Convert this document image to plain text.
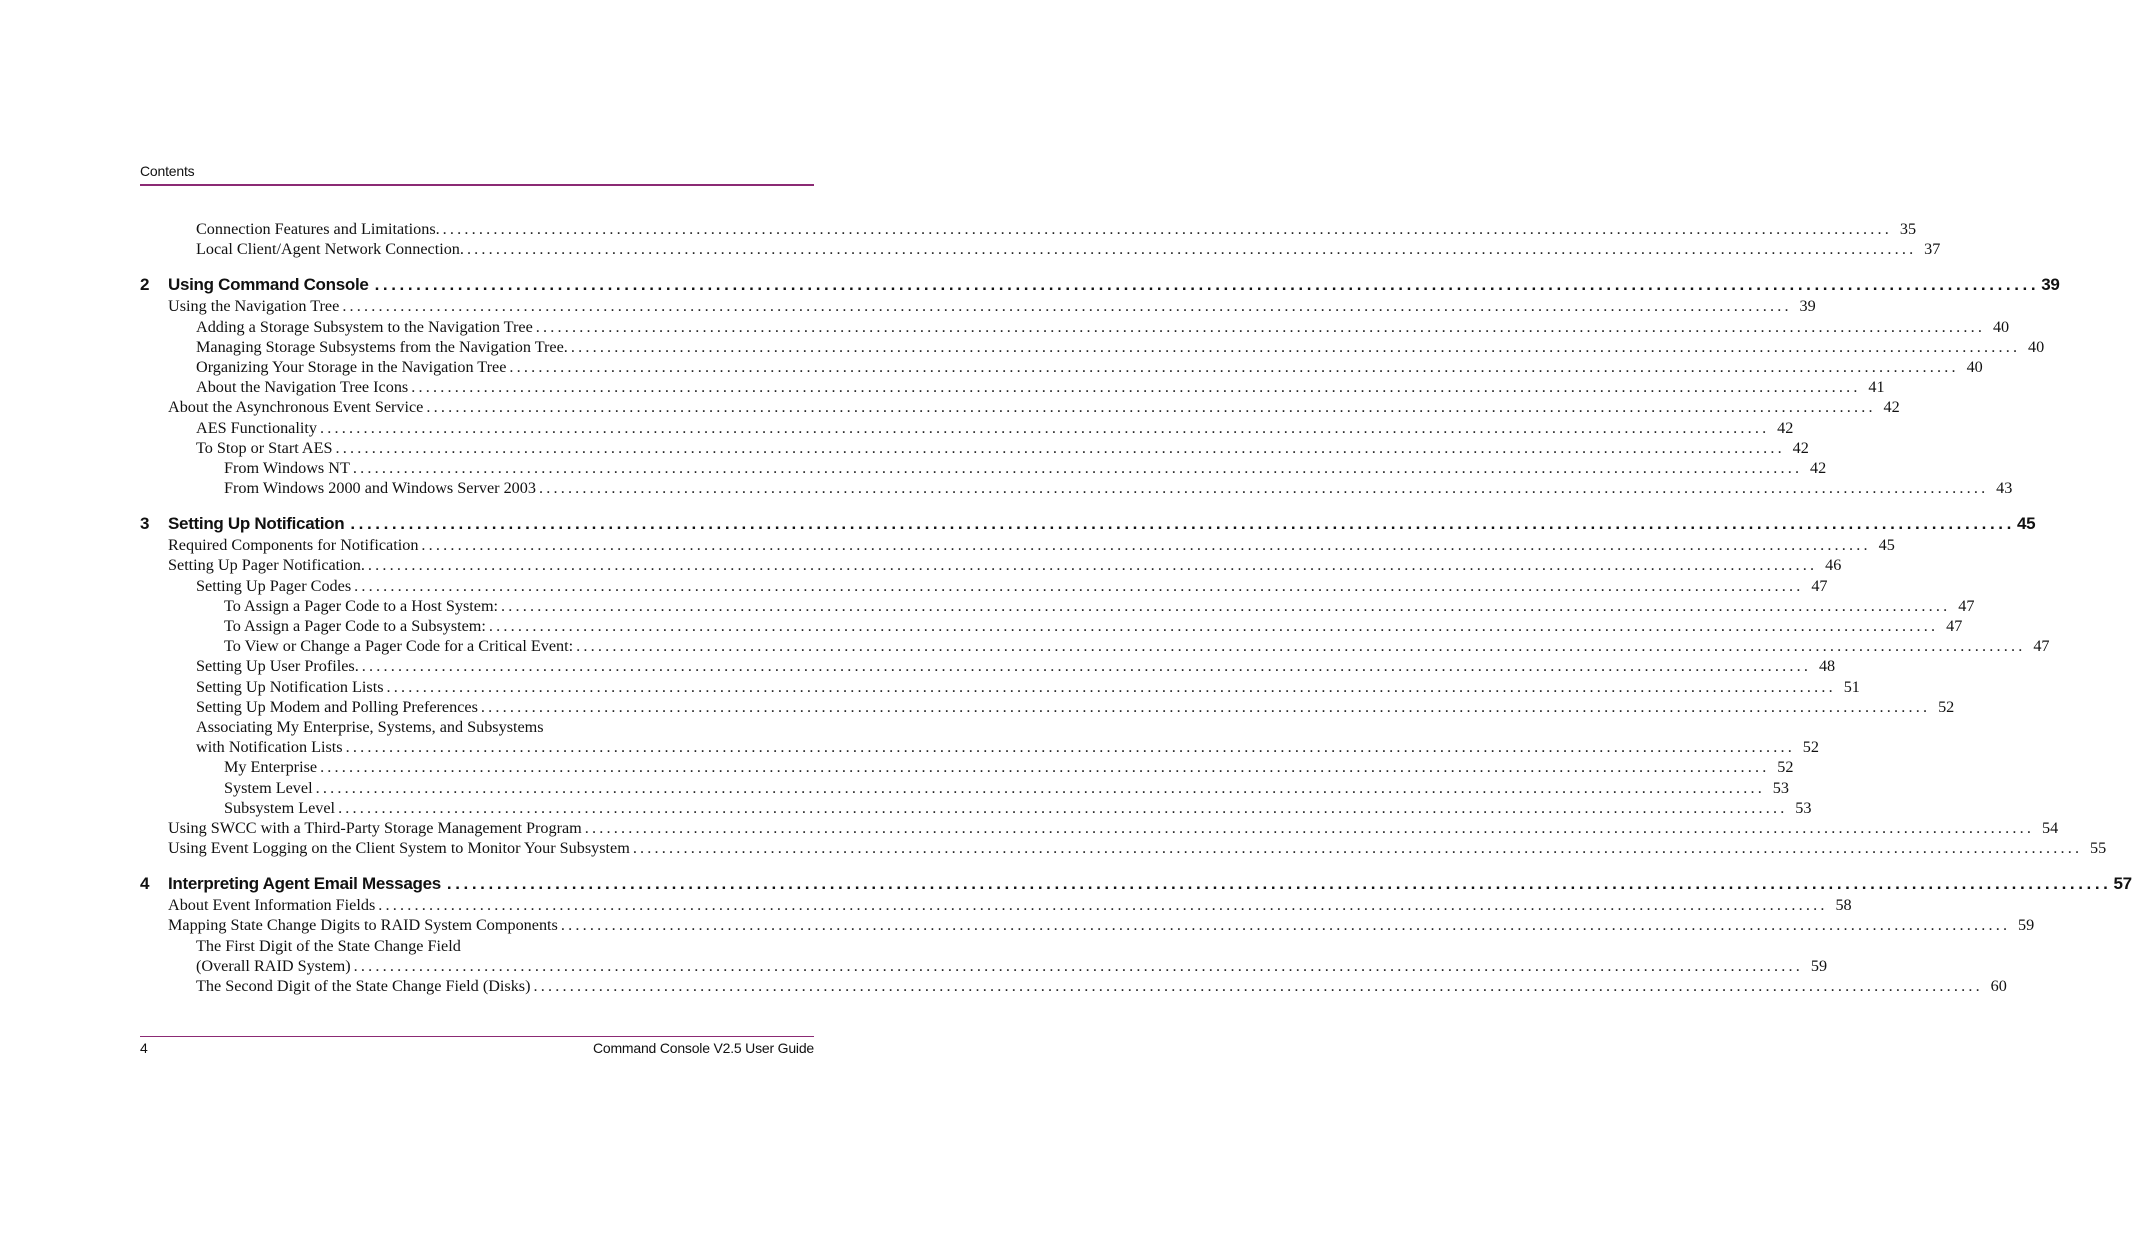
Contents
Connection Features and Limitations. ........................................................................................................................................................................................................ 35
Local Client/Agent Network Connection. ........................................................................................................................................................................................................ 37
2	Using Command Console ........................................................................................................................................................................................................ 39
Using the Navigation Tree ........................................................................................................................................................................................................ 39
Adding a Storage Subsystem to the Navigation Tree ........................................................................................................................................................................................................ 40
Managing Storage Subsystems from the Navigation Tree. ........................................................................................................................................................................................................ 40
Organizing Your Storage in the Navigation Tree ........................................................................................................................................................................................................ 40
About the Navigation Tree Icons ........................................................................................................................................................................................................ 41
About the Asynchronous Event Service ........................................................................................................................................................................................................ 42
AES Functionality ........................................................................................................................................................................................................ 42
To Stop or Start AES ........................................................................................................................................................................................................ 42
From Windows NT ........................................................................................................................................................................................................ 42
From Windows 2000 and Windows Server 2003 ........................................................................................................................................................................................................ 43
3	Setting Up Notification ........................................................................................................................................................................................................ 45
Required Components for Notification ........................................................................................................................................................................................................ 45
Setting Up Pager Notification. ........................................................................................................................................................................................................ 46
Setting Up Pager Codes ........................................................................................................................................................................................................ 47
To Assign a Pager Code to a Host System: ........................................................................................................................................................................................................ 47
To Assign a Pager Code to a Subsystem: ........................................................................................................................................................................................................ 47
To View or Change a Pager Code for a Critical Event: ........................................................................................................................................................................................................ 47
Setting Up User Profiles. ........................................................................................................................................................................................................ 48
Setting Up Notification Lists ........................................................................................................................................................................................................ 51
Setting Up Modem and Polling Preferences ........................................................................................................................................................................................................ 52
Associating My Enterprise, Systems, and Subsystems
with Notification Lists ........................................................................................................................................................................................................ 52
My Enterprise ........................................................................................................................................................................................................ 52
System Level ........................................................................................................................................................................................................ 53
Subsystem Level ........................................................................................................................................................................................................ 53
Using SWCC with a Third-Party Storage Management Program ........................................................................................................................................................................................................ 54
Using Event Logging on the Client System to Monitor Your Subsystem ........................................................................................................................................................................................................ 55
4	Interpreting Agent Email Messages ........................................................................................................................................................................................................ 57
About Event Information Fields ........................................................................................................................................................................................................ 58
Mapping State Change Digits to RAID System Components ........................................................................................................................................................................................................ 59
The First Digit of the State Change Field
(Overall RAID System) ........................................................................................................................................................................................................ 59
The Second Digit of the State Change Field (Disks) ........................................................................................................................................................................................................ 60
4	Command Console V2.5 User Guide
